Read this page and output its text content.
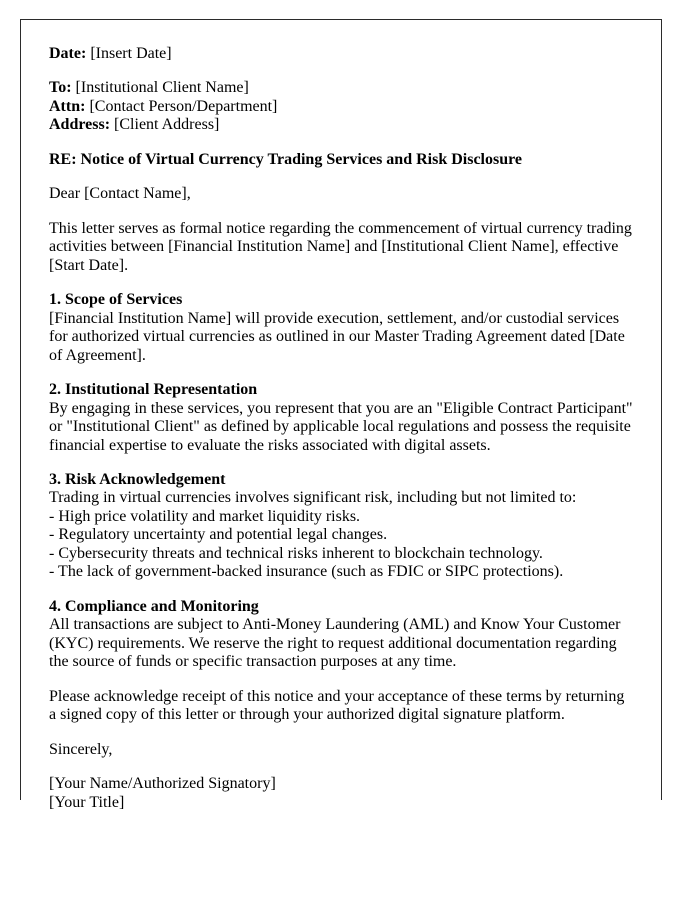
Date: [Insert Date]

To: [Institutional Client Name]
Attn: [Contact Person/Department]
Address: [Client Address]

RE: Notice of Virtual Currency Trading Services and Risk Disclosure

Dear [Contact Name],

This letter serves as formal notice regarding the commencement of virtual currency trading activities between [Financial Institution Name] and [Institutional Client Name], effective [Start Date].

1. Scope of Services
[Financial Institution Name] will provide execution, settlement, and/or custodial services for authorized virtual currencies as outlined in our Master Trading Agreement dated [Date of Agreement].

2. Institutional Representation
By engaging in these services, you represent that you are an "Eligible Contract Participant" or "Institutional Client" as defined by applicable local regulations and possess the requisite financial expertise to evaluate the risks associated with digital assets.

3. Risk Acknowledgement
Trading in virtual currencies involves significant risk, including but not limited to:
- High price volatility and market liquidity risks.
- Regulatory uncertainty and potential legal changes.
- Cybersecurity threats and technical risks inherent to blockchain technology.
- The lack of government-backed insurance (such as FDIC or SIPC protections).

4. Compliance and Monitoring
All transactions are subject to Anti-Money Laundering (AML) and Know Your Customer (KYC) requirements. We reserve the right to request additional documentation regarding the source of funds or specific transaction purposes at any time.

Please acknowledge receipt of this notice and your acceptance of these terms by returning a signed copy of this letter or through your authorized digital signature platform.

Sincerely,

[Your Name/Authorized Signatory]
[Your Title]
